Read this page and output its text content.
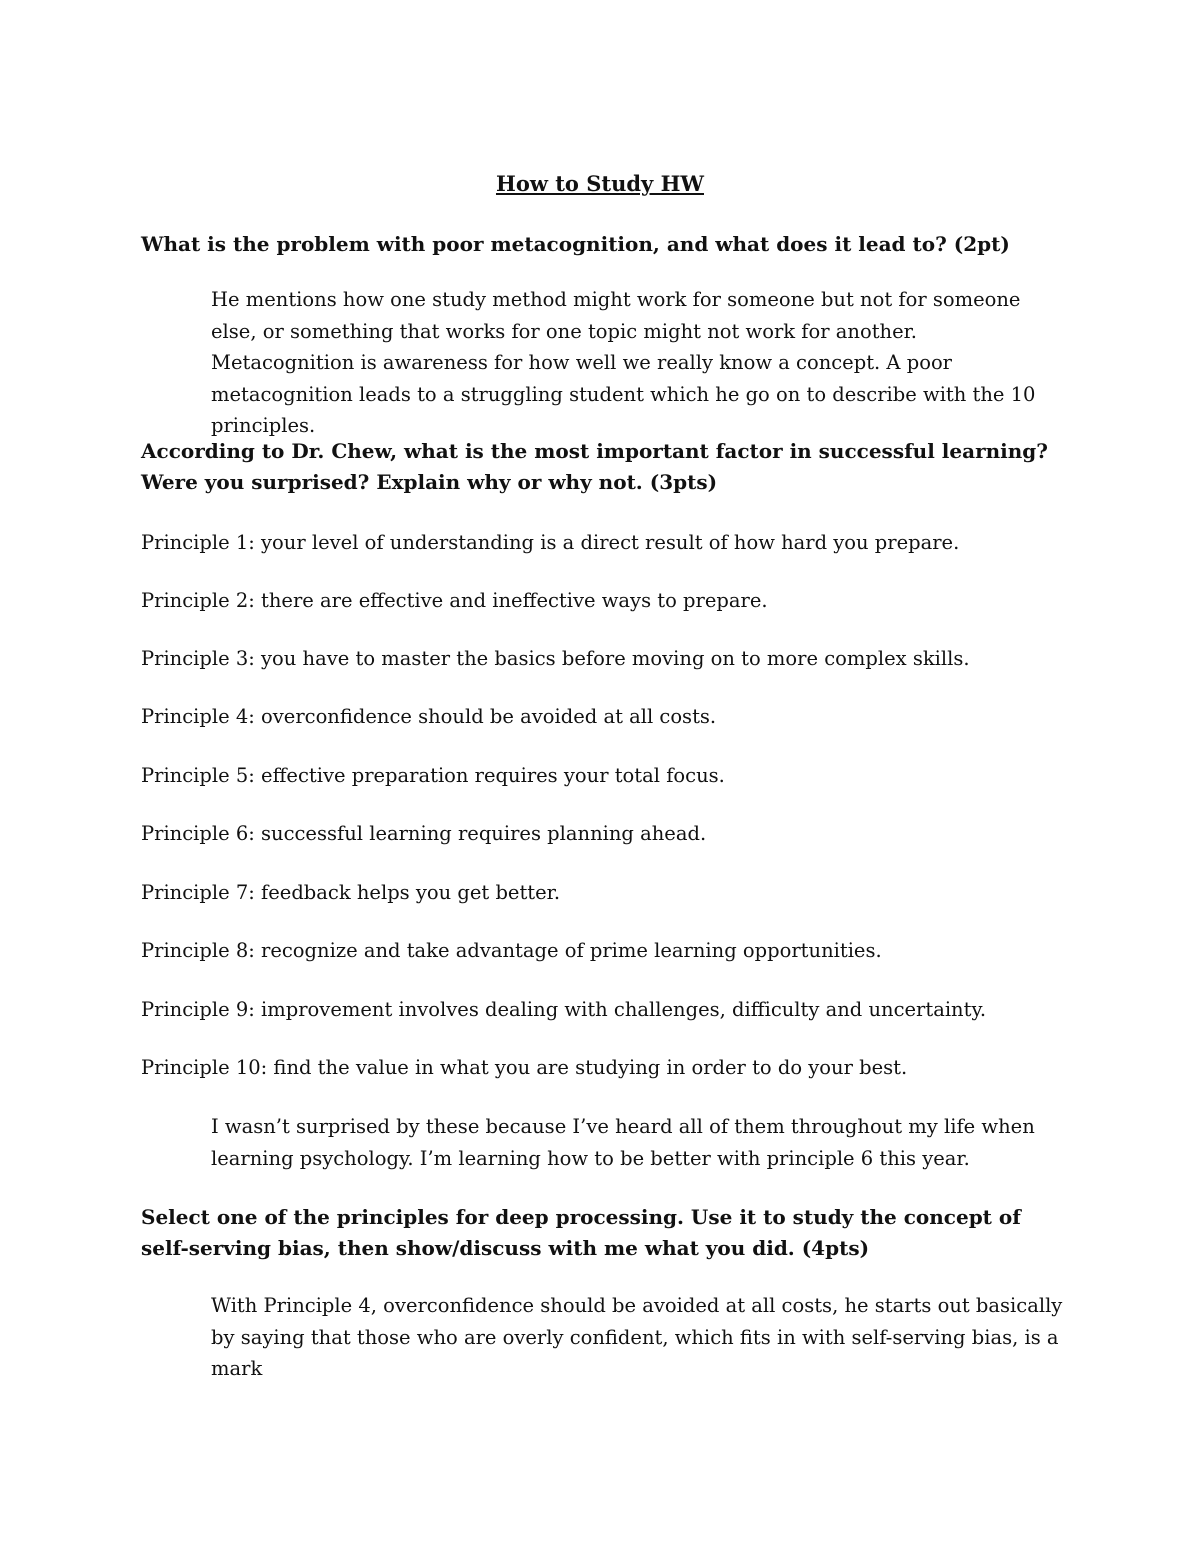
How to Study HW
What is the problem with poor metacognition, and what does it lead to? (2pt)
He mentions how one study method might work for someone but not for someone else, or something that works for one topic might not work for another. Metacognition is awareness for how well we really know a concept. A poor metacognition leads to a struggling student which he go on to describe with the 10 principles.
According to Dr. Chew, what is the most important factor in successful learning? Were you surprised? Explain why or why not. (3pts)
Principle 1: your level of understanding is a direct result of how hard you prepare.
Principle 2: there are effective and ineffective ways to prepare.
Principle 3: you have to master the basics before moving on to more complex skills.
Principle 4: overconfidence should be avoided at all costs.
Principle 5: effective preparation requires your total focus.
Principle 6: successful learning requires planning ahead.
Principle 7: feedback helps you get better.
Principle 8: recognize and take advantage of prime learning opportunities.
Principle 9: improvement involves dealing with challenges, difficulty and uncertainty.
Principle 10: find the value in what you are studying in order to do your best.
I wasn’t surprised by these because I’ve heard all of them throughout my life when learning psychology. I’m learning how to be better with principle 6 this year.
Select one of the principles for deep processing. Use it to study the concept of self-serving bias, then show/discuss with me what you did. (4pts)
With Principle 4, overconfidence should be avoided at all costs, he starts out basically by saying that those who are overly confident, which fits in with self-serving bias, is a mark
